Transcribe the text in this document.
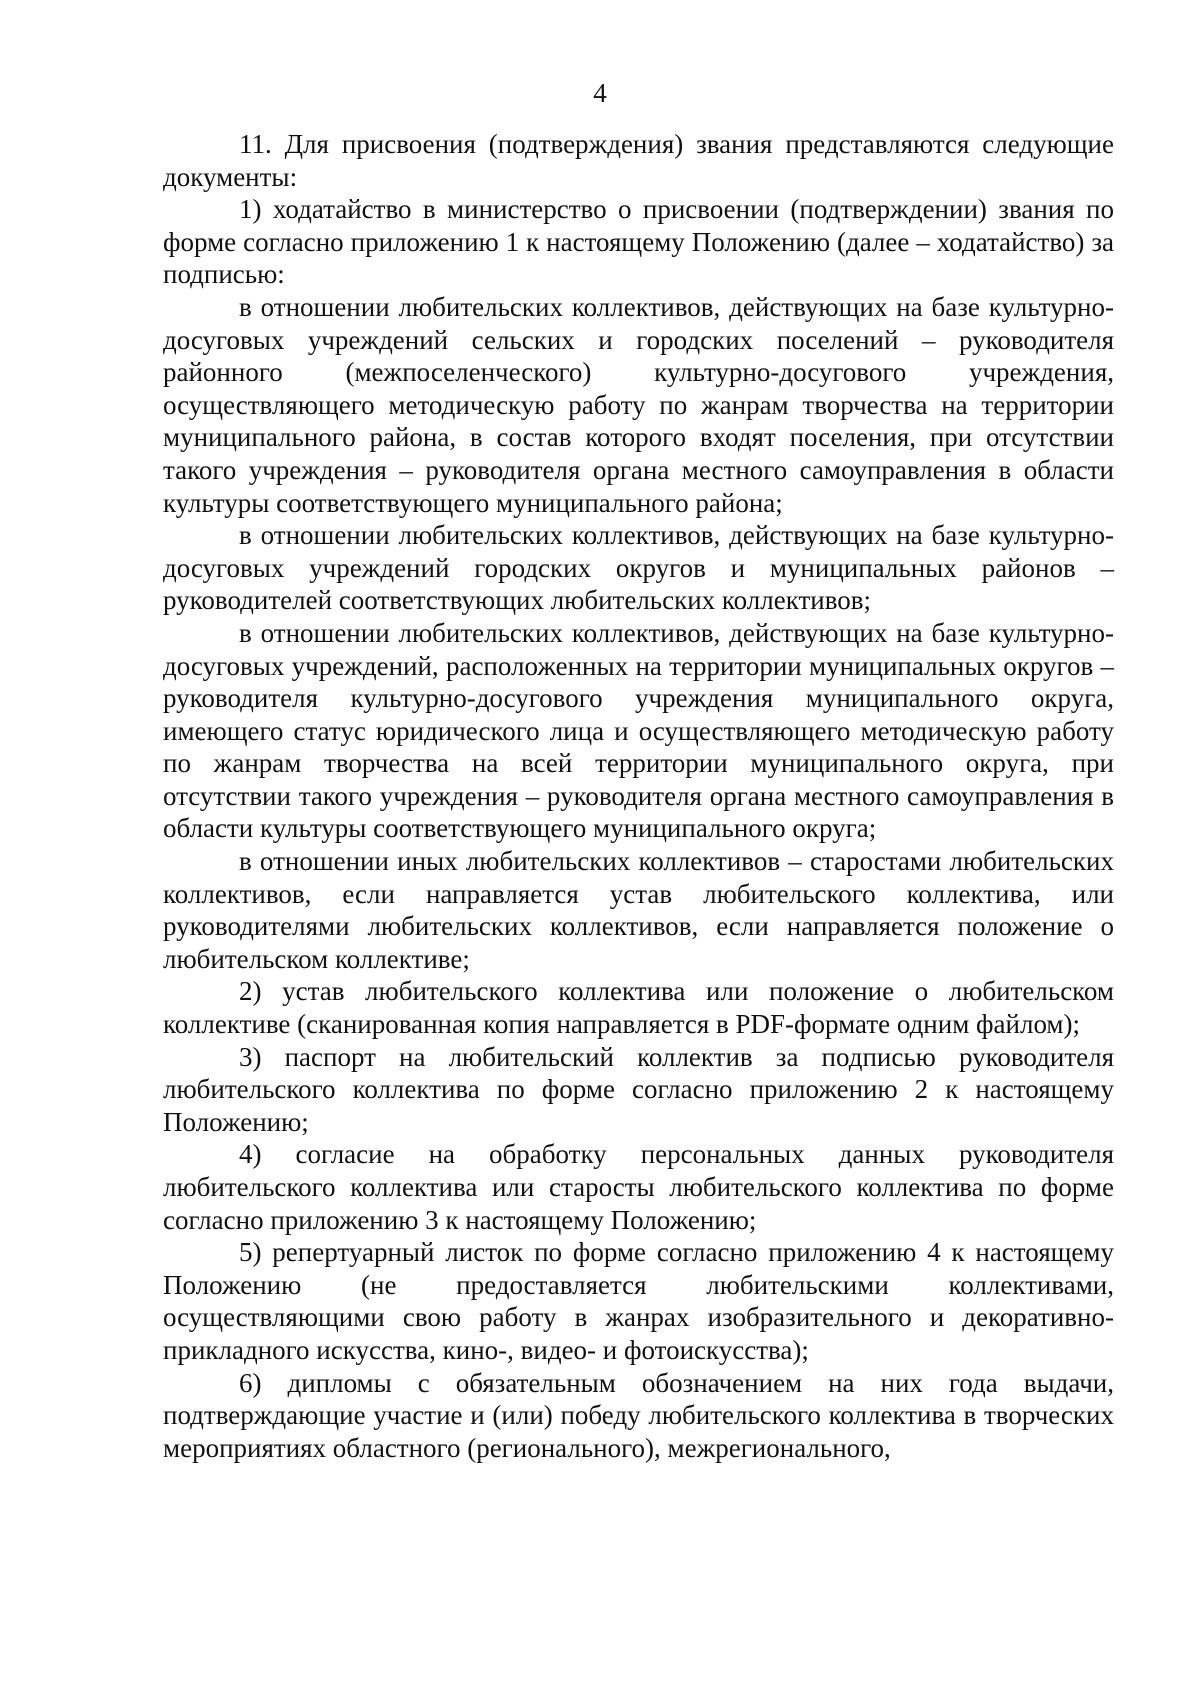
4

11. Для присвоения (подтверждения) звания представляются следующие документы:

1) ходатайство в министерство о присвоении (подтверждении) звания по форме согласно приложению 1 к настоящему Положению (далее – ходатайство) за подписью:

в отношении любительских коллективов, действующих на базе культурно-досуговых учреждений сельских и городских поселений – руководителя районного (межпоселенческого) культурно-досугового учреждения, осуществляющего методическую работу по жанрам творчества на территории муниципального района, в состав которого входят поселения, при отсутствии такого учреждения – руководителя органа местного самоуправления в области культуры соответствующего муниципального района;

в отношении любительских коллективов, действующих на базе культурно-досуговых учреждений городских округов и муниципальных районов – руководителей соответствующих любительских коллективов;

в отношении любительских коллективов, действующих на базе культурно-досуговых учреждений, расположенных на территории муниципальных округов – руководителя культурно-досугового учреждения муниципального округа, имеющего статус юридического лица и осуществляющего методическую работу по жанрам творчества на всей территории муниципального округа, при отсутствии такого учреждения – руководителя органа местного самоуправления в области культуры соответствующего муниципального округа;

в отношении иных любительских коллективов – старостами любительских коллективов, если направляется устав любительского коллектива, или руководителями любительских коллективов, если направляется положение о любительском коллективе;

2) устав любительского коллектива или положение о любительском коллективе (сканированная копия направляется в PDF-формате одним файлом);

3) паспорт на любительский коллектив за подписью руководителя любительского коллектива по форме согласно приложению 2 к настоящему Положению;

4) согласие на обработку персональных данных руководителя любительского коллектива или старосты любительского коллектива по форме согласно приложению 3 к настоящему Положению;

5) репертуарный листок по форме согласно приложению 4 к настоящему Положению (не предоставляется любительскими коллективами, осуществляющими свою работу в жанрах изобразительного и декоративно-прикладного искусства, кино-, видео- и фотоискусства);

6) дипломы с обязательным обозначением на них года выдачи, подтверждающие участие и (или) победу любительского коллектива в творческих мероприятиях областного (регионального), межрегионального,
